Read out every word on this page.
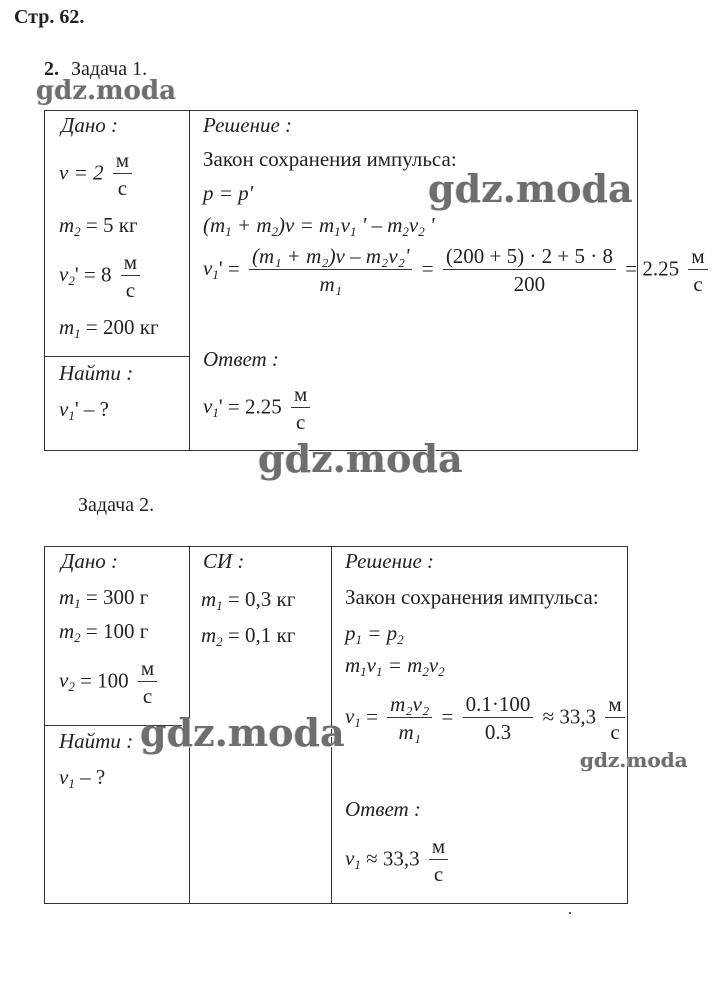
Стр. 62.
2. Задача 1.
Дано :
$v = 2 \frac{м}{с}$
$m_2 = 5$ кг
$v_2' = 8 \frac{м}{с}$
$m_1 = 200$ кг
Найти :
$v_1'$ – ?
Решение :
Закон сохранения импульса:
p = p'
$(m_1 + m_2)v = m_1v_1$ ' – $m_2v_2$ '
$v_1' = \frac{\text{(m₁ + m₂)v – m₂v₂'}}{\text{m₁}} = \frac{(200 + 5) \cdot 2 + 5 \cdot 8}{200} = 2.25 \frac{м}{с}$
Ответ :
$v_1' = 2.25 \frac{м}{с}$
Задача 2.
Дано :
$m_1 = 300$ г
$m_2 = 100$ г
$v_2 = 100 \frac{м}{с}$
Найти :
$v_1$ – ?
СИ :
$m_1 = 0,3$ кг
$m_2 = 0,1$ кг
Решение :
Закон сохранения импульса:
$p_1 = p_2$
$m_1v_1 = m_2v_2$
$v_1 = \frac{\text{m₂v₂}}{\text{m₁}} = \frac{0.1\cdot 100}{0.3} \approx 33,3 \frac{м}{с}$
Ответ :
$v_1 \approx 33,3 \frac{м}{с}$
gdz.moda
gdz.moda
gdz.moda
gdz.moda
gdz.moda
